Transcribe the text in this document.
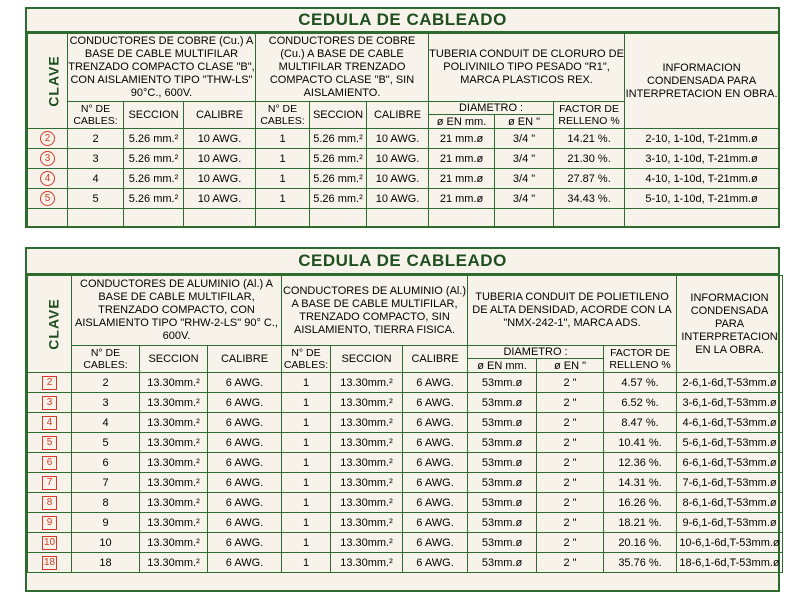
CEDULA DE CABLEADO
CLAVE	CONDUCTORES DE COBRE (Cu.) A BASE DE CABLE MULTIFILAR TRENZADO COMPACTO CLASE "B", CON AISLAMIENTO TIPO "THW-LS" 90°C., 600V.			CONDUCTORES DE COBRE (Cu.) A BASE DE CABLE MULTIFILAR TRENZADO COMPACTO CLASE "B", SIN AISLAMIENTO.			TUBERIA CONDUIT DE CLORURO DE POLIVINILO TIPO PESADO "R1", MARCA PLASTICOS REX.			INFORMACION CONDENSADA PARA INTERPRETACION EN OBRA.
	N° DE CABLES:	SECCION	CALIBRE	N° DE CABLES:	SECCION	CALIBRE	DIAMETRO :		FACTOR DE RELLENO %	
							ø EN mm.	ø EN "		
2	2	5.26 mm.²	10 AWG.	1	5.26 mm.²	10 AWG.	21 mm.ø	3/4 "	14.21 %.	2-10, 1-10d, T-21mm.ø
3	3	5.26 mm.²	10 AWG.	1	5.26 mm.²	10 AWG.	21 mm.ø	3/4 "	21.30 %.	3-10, 1-10d, T-21mm.ø
4	4	5.26 mm.²	10 AWG.	1	5.26 mm.²	10 AWG.	21 mm.ø	3/4 "	27.87 %.	4-10, 1-10d, T-21mm.ø
5	5	5.26 mm.²	10 AWG.	1	5.26 mm.²	10 AWG.	21 mm.ø	3/4 "	34.43 %.	5-10, 1-10d, T-21mm.ø

CEDULA DE CABLEADO
CLAVE	CONDUCTORES DE ALUMINIO (Al.) A BASE DE CABLE MULTIFILAR, TRENZADO COMPACTO, CON AISLAMIENTO TIPO "RHW-2-LS" 90° C., 600V.			CONDUCTORES DE ALUMINIO (Al.) A BASE DE CABLE MULTIFILAR, TRENZADO COMPACTO, SIN AISLAMIENTO, TIERRA FISICA.			TUBERIA CONDUIT DE POLIETILENO DE ALTA DENSIDAD, ACORDE CON LA "NMX-242-1", MARCA ADS.			INFORMACION CONDENSADA PARA INTERPRETACION EN LA OBRA.
	N° DE CABLES:	SECCION	CALIBRE	N° DE CABLES:	SECCION	CALIBRE	DIAMETRO :		FACTOR DE RELLENO %	
							ø EN mm.	ø EN "		
2	2	13.30mm.²	6 AWG.	1	13.30mm.²	6 AWG.	53mm.ø	2 "	4.57 %.	2-6,1-6d,T-53mm.ø
3	3	13.30mm.²	6 AWG.	1	13.30mm.²	6 AWG.	53mm.ø	2 "	6.52 %.	3-6,1-6d,T-53mm.ø
4	4	13.30mm.²	6 AWG.	1	13.30mm.²	6 AWG.	53mm.ø	2 "	8.47 %.	4-6,1-6d,T-53mm.ø
5	5	13.30mm.²	6 AWG.	1	13.30mm.²	6 AWG.	53mm.ø	2 "	10.41 %.	5-6,1-6d,T-53mm.ø
6	6	13.30mm.²	6 AWG.	1	13.30mm.²	6 AWG.	53mm.ø	2 "	12.36 %.	6-6,1-6d,T-53mm.ø
7	7	13.30mm.²	6 AWG.	1	13.30mm.²	6 AWG.	53mm.ø	2 "	14.31 %.	7-6,1-6d,T-53mm.ø
8	8	13.30mm.²	6 AWG.	1	13.30mm.²	6 AWG.	53mm.ø	2 "	16.26 %.	8-6,1-6d,T-53mm.ø
9	9	13.30mm.²	6 AWG.	1	13.30mm.²	6 AWG.	53mm.ø	2 "	18.21 %.	9-6,1-6d,T-53mm.ø
10	10	13.30mm.²	6 AWG.	1	13.30mm.²	6 AWG.	53mm.ø	2 "	20.16 %.	10-6,1-6d,T-53mm.ø
18	18	13.30mm.²	6 AWG.	1	13.30mm.²	6 AWG.	53mm.ø	2 "	35.76 %.	18-6,1-6d,T-53mm.ø
